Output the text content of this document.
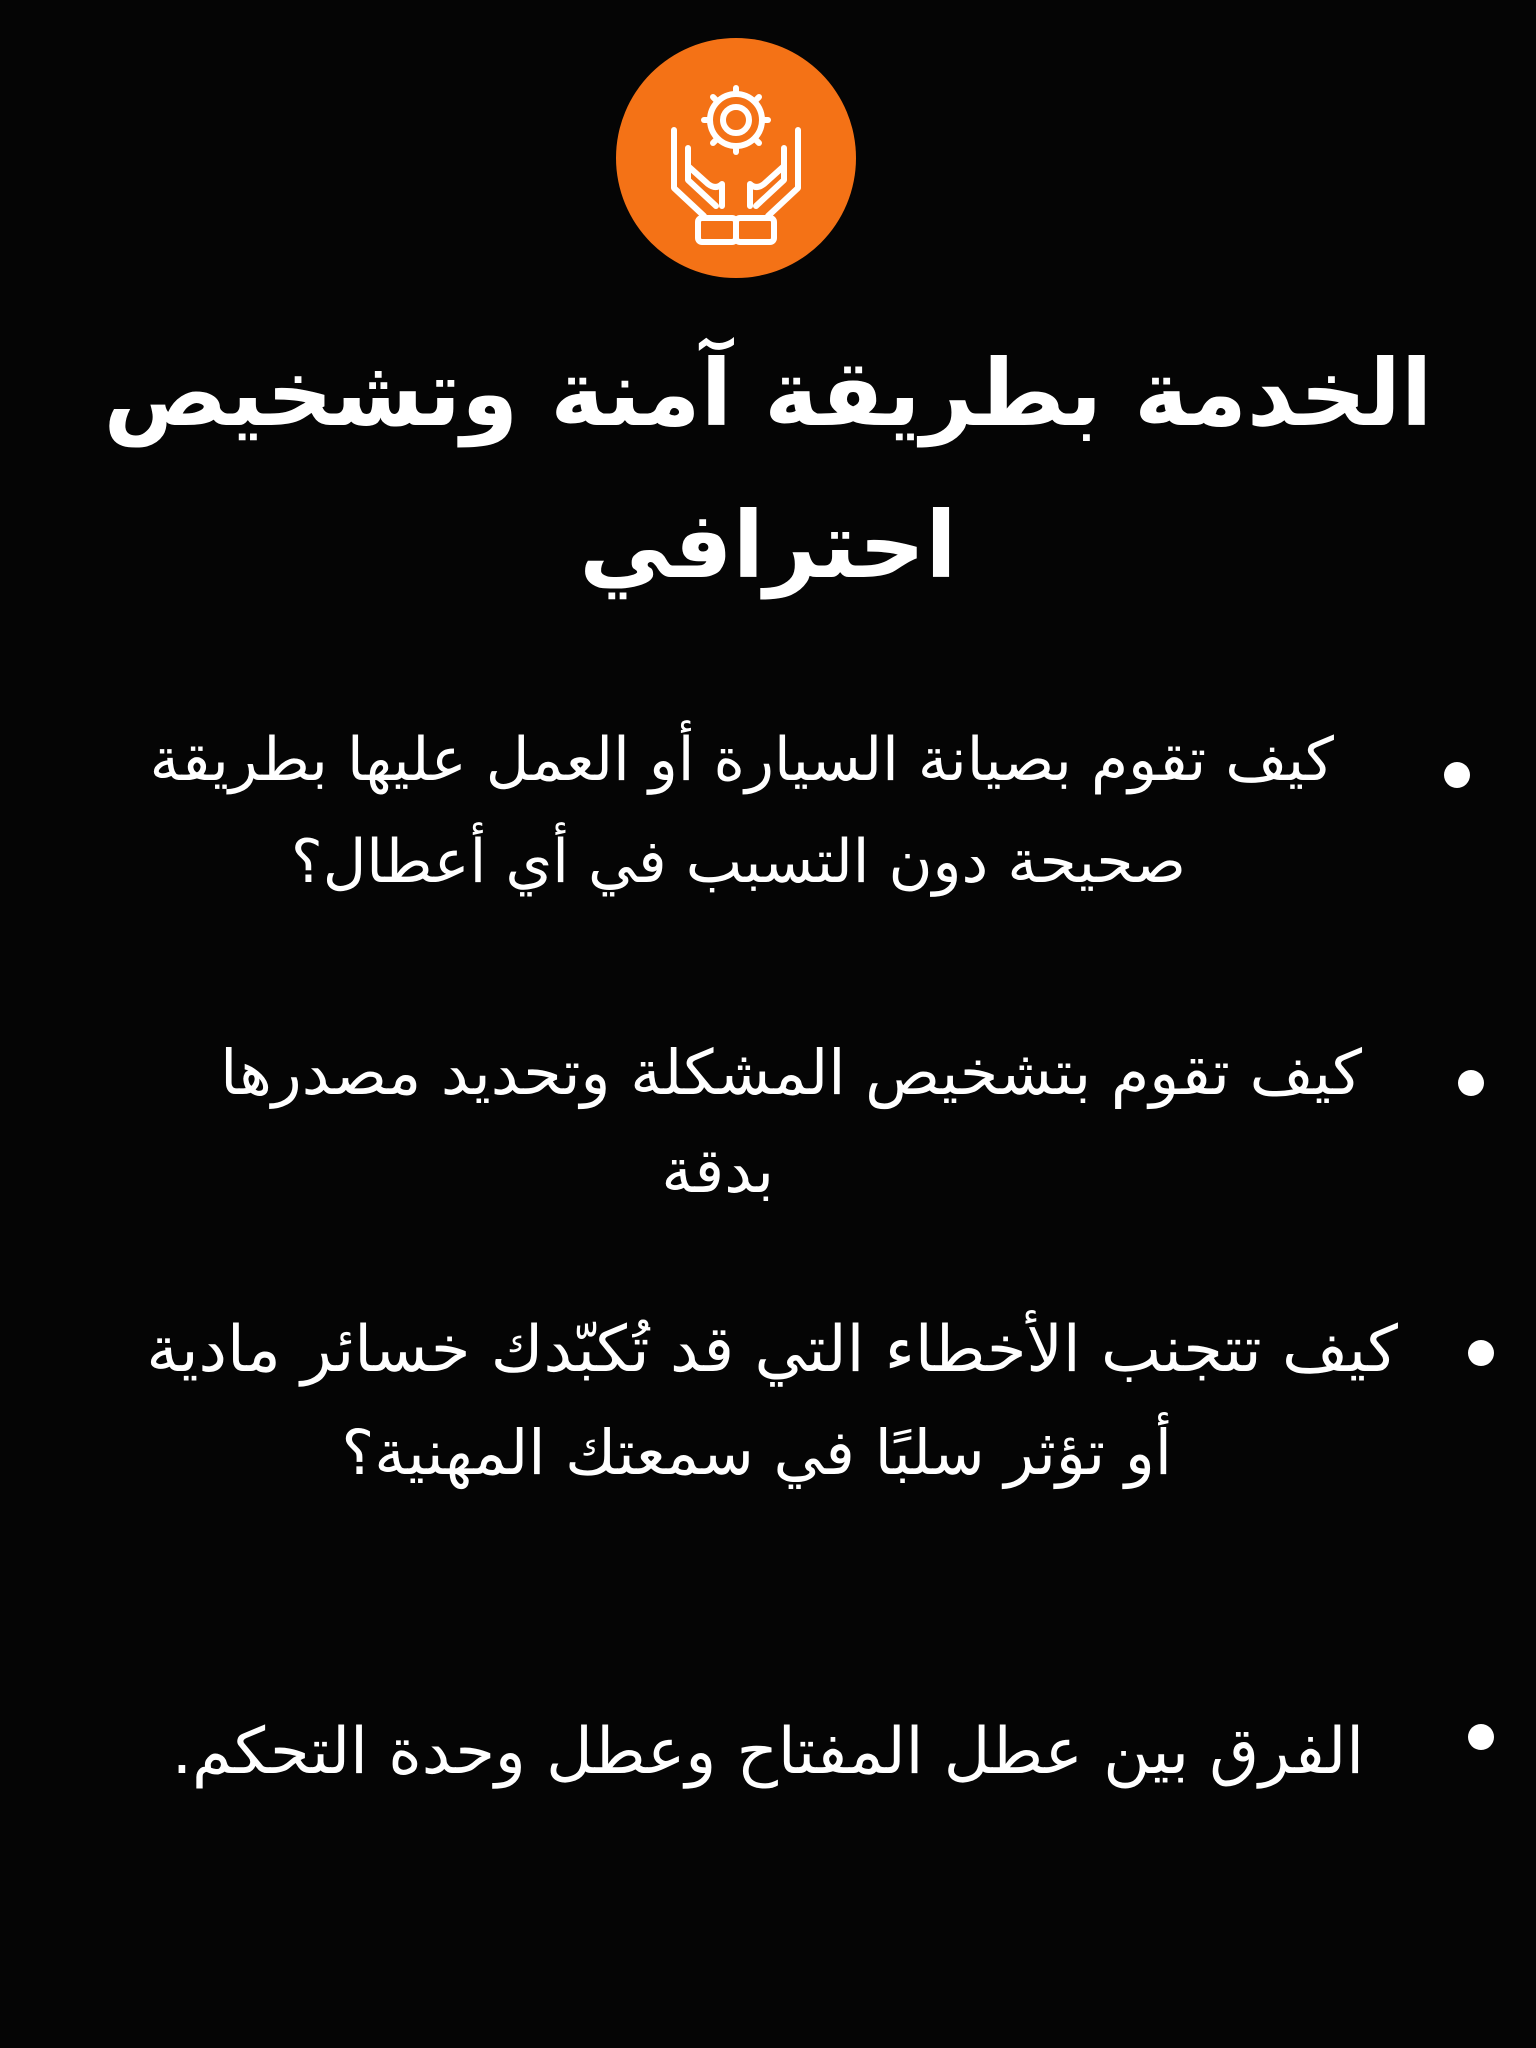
الخدمة بطريقة آمنة وتشخيص
احترافي
كيف تقوم بصيانة السيارة أو العمل عليها بطريقة
صحيحة دون التسبب في أي أعطال؟
كيف تقوم بتشخيص المشكلة وتحديد مصدرها
بدقة
كيف تتجنب الأخطاء التي قد تُكبّدك خسائر مادية
أو تؤثر سلبًا في سمعتك المهنية؟
الفرق بين عطل المفتاح وعطل وحدة التحكم.
